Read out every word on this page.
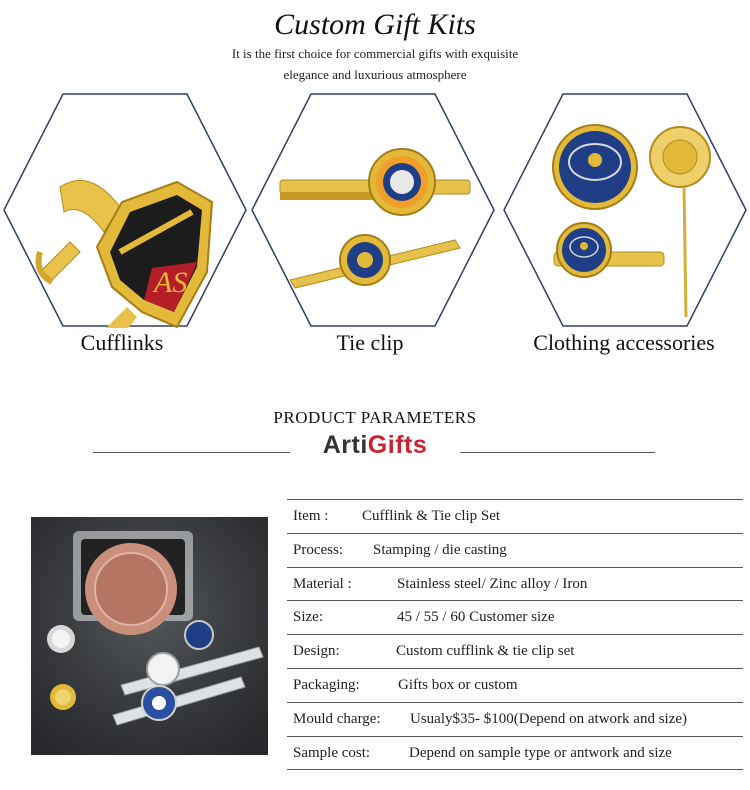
Custom Gift Kits
It is the first choice for commercial gifts with exquisite
elegance and luxurious atmosphere
AS
Cufflinks	Tie clip	Clothing accessories
PRODUCT PARAMETERS
ArtiGifts
Item : Cufflink & Tie clip Set
Process: Stamping / die casting
Material :	Stainless steel/ Zinc alloy / Iron
Size:	45 / 55 / 60 Customer size
Design:	Custom cufflink & tie clip set
Packaging:	Gifts box or custom
Mould charge: Usualy$35- $100(Depend on atwork and size)
Sample cost:	Depend on sample type or antwork and size
